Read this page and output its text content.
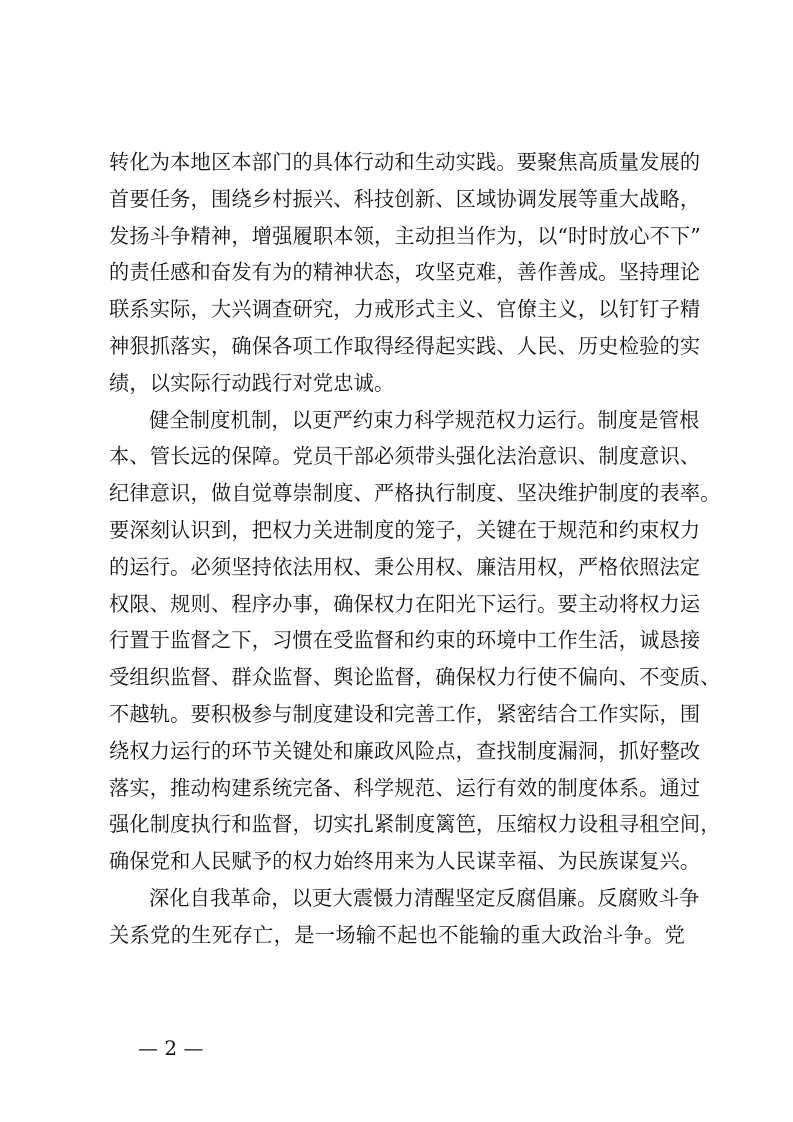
转化为本地区本部门的具体行动和生动实践。要聚焦高质量发展的
首要任务，围绕乡村振兴、科技创新、区域协调发展等重大战略，
发扬斗争精神，增强履职本领，主动担当作为，以“时时放心不下”
的责任感和奋发有为的精神状态，攻坚克难，善作善成。坚持理论
联系实际，大兴调查研究，力戒形式主义、官僚主义，以钉钉子精
神狠抓落实，确保各项工作取得经得起实践、人民、历史检验的实
绩，以实际行动践行对党忠诚。
健全制度机制，以更严约束力科学规范权力运行。制度是管根
本、管长远的保障。党员干部必须带头强化法治意识、制度意识、
纪律意识，做自觉尊崇制度、严格执行制度、坚决维护制度的表率。
要深刻认识到，把权力关进制度的笼子，关键在于规范和约束权力
的运行。必须坚持依法用权、秉公用权、廉洁用权，严格依照法定
权限、规则、程序办事，确保权力在阳光下运行。要主动将权力运
行置于监督之下，习惯在受监督和约束的环境中工作生活，诚恳接
受组织监督、群众监督、舆论监督，确保权力行使不偏向、不变质、
不越轨。要积极参与制度建设和完善工作，紧密结合工作实际，围
绕权力运行的环节关键处和廉政风险点，查找制度漏洞，抓好整改
落实，推动构建系统完备、科学规范、运行有效的制度体系。通过
强化制度执行和监督，切实扎紧制度篱笆，压缩权力设租寻租空间，
确保党和人民赋予的权力始终用来为人民谋幸福、为民族谋复兴。
深化自我革命，以更大震慑力清醒坚定反腐倡廉。反腐败斗争
关系党的生死存亡，是一场输不起也不能输的重大政治斗争。党
— 2 —
